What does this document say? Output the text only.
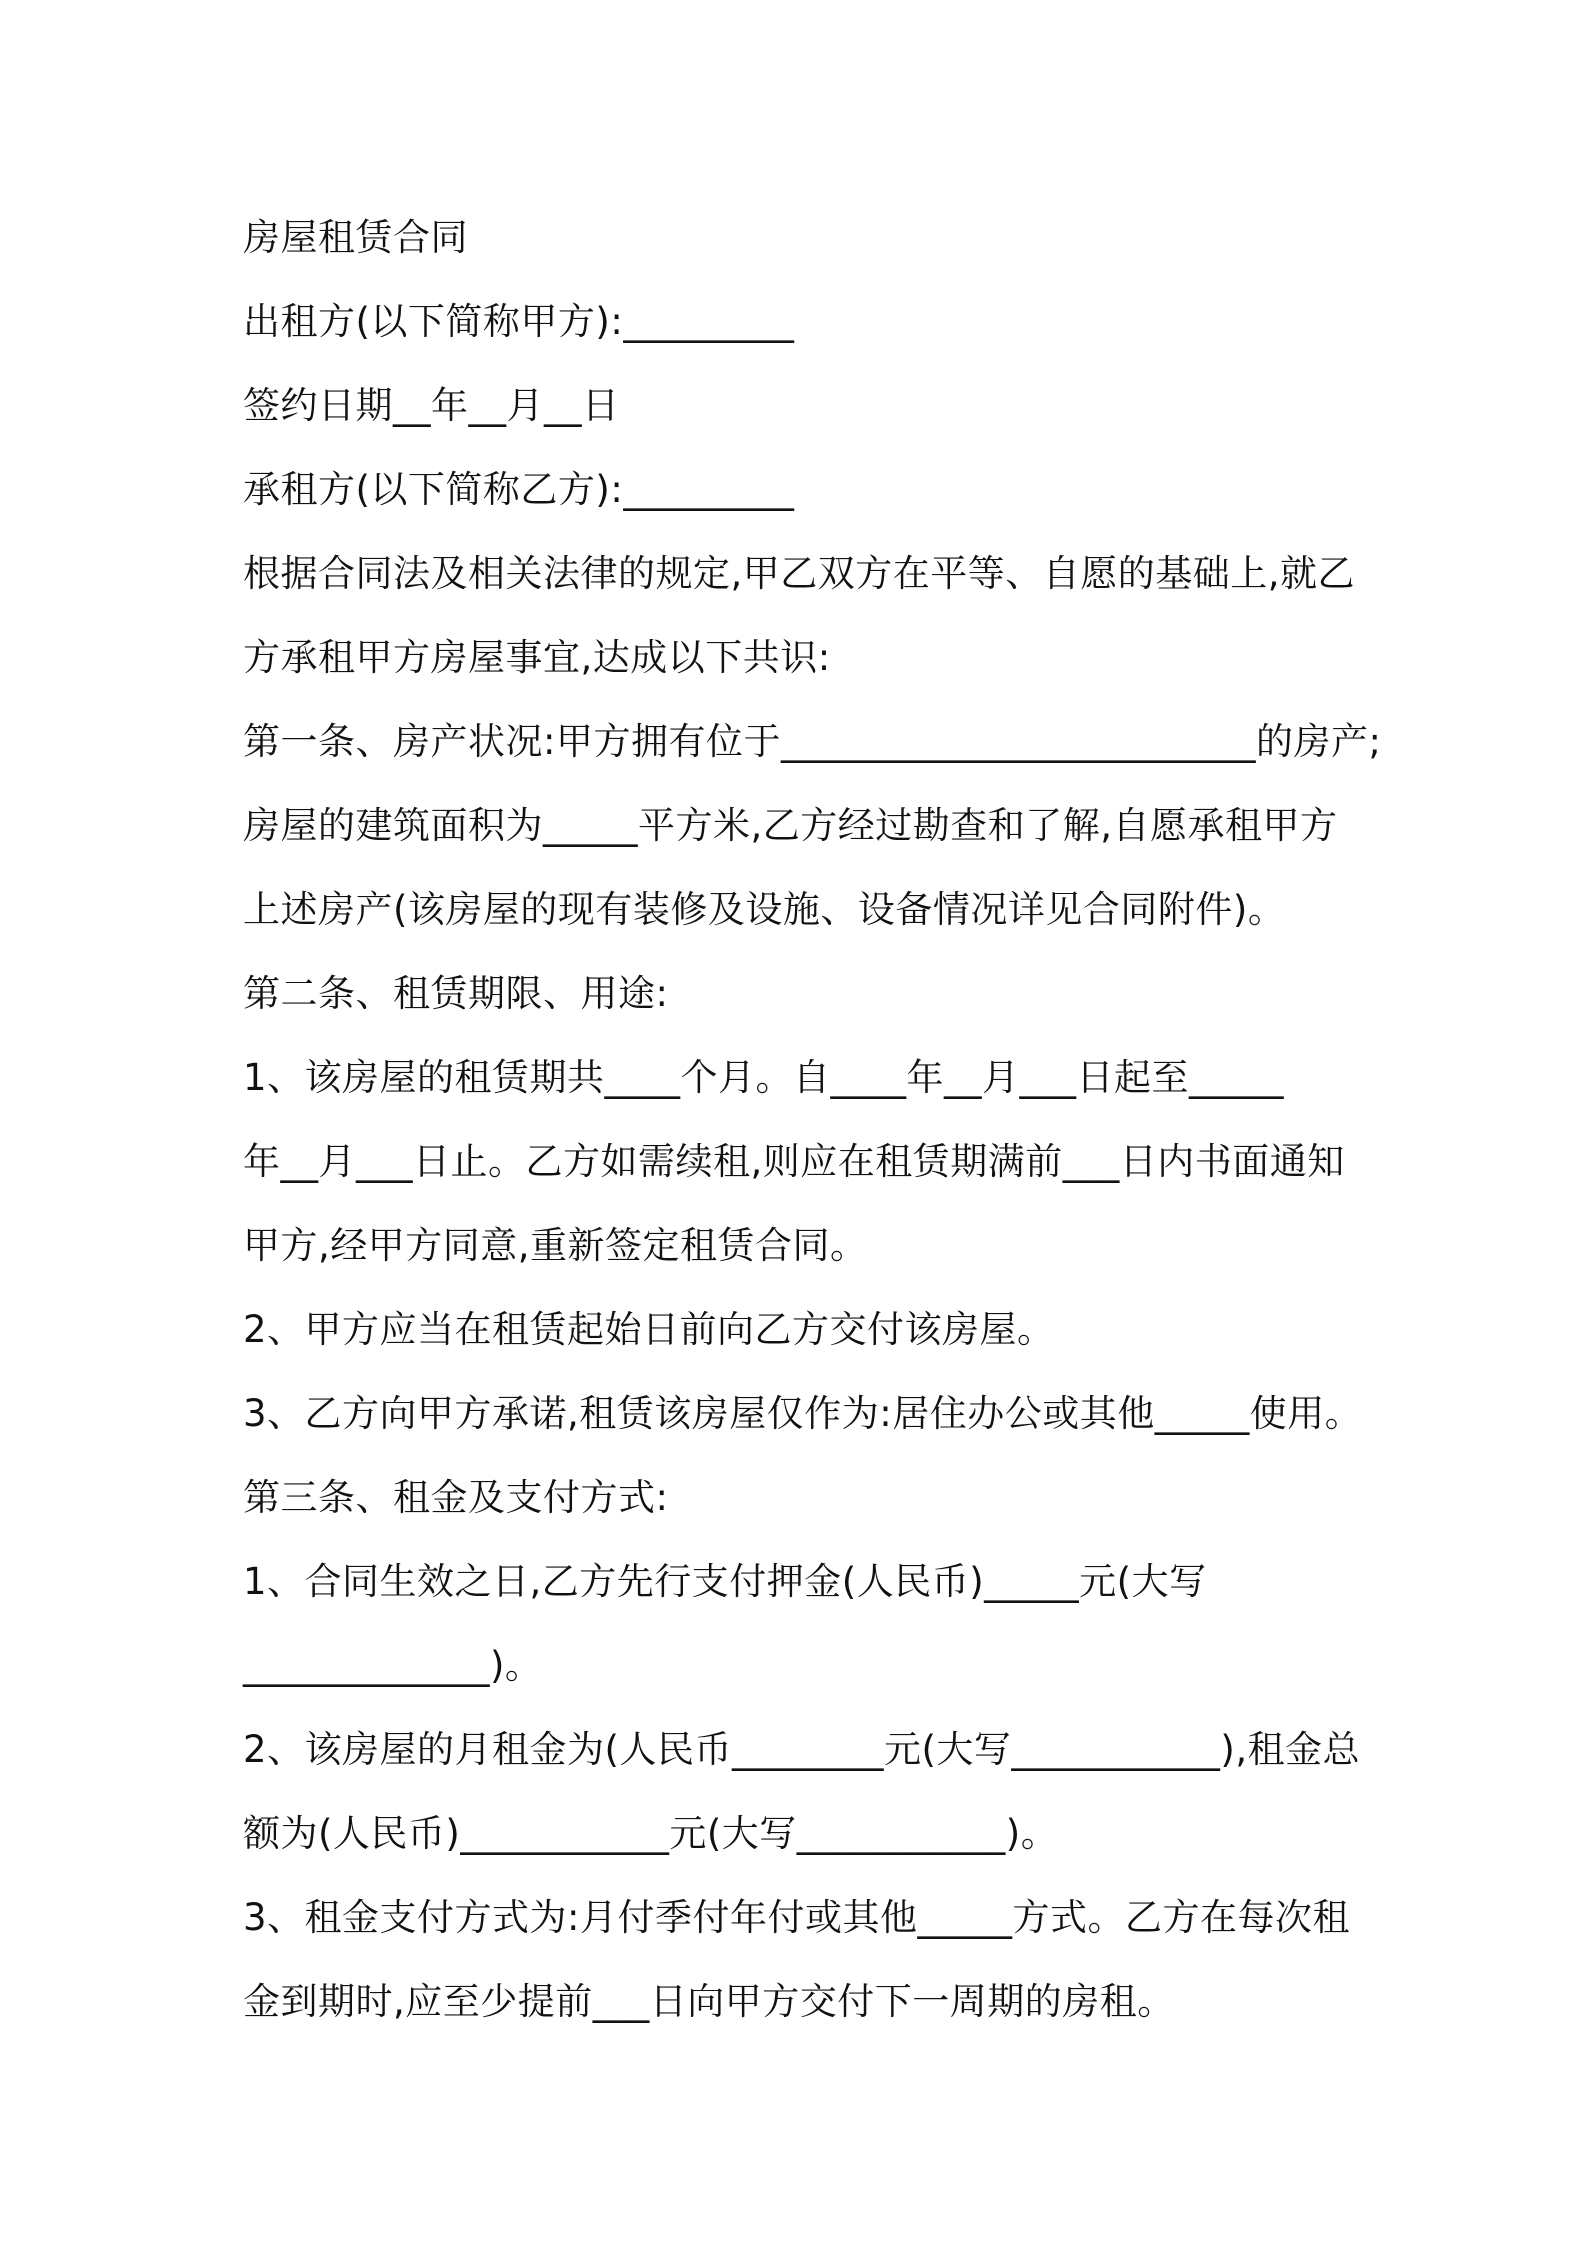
房屋租赁合同
出租方(以下简称甲方):_________
签约日期__年__月__日
承租方(以下简称乙方):_________
根据合同法及相关法律的规定,甲乙双方在平等、自愿的基础上,就乙
方承租甲方房屋事宜,达成以下共识:
第一条、房产状况:甲方拥有位于_________________________的房产;
房屋的建筑面积为_____平方米,乙方经过勘查和了解,自愿承租甲方
上述房产(该房屋的现有装修及设施、设备情况详见合同附件)。
第二条、租赁期限、用途:
1、该房屋的租赁期共____个月。自____年__月___日起至_____
年__月___日止。乙方如需续租,则应在租赁期满前___日内书面通知
甲方,经甲方同意,重新签定租赁合同。
2、甲方应当在租赁起始日前向乙方交付该房屋。
3、乙方向甲方承诺,租赁该房屋仅作为:居住办公或其他_____使用。
第三条、租金及支付方式:
1、合同生效之日,乙方先行支付押金(人民币)_____元(大写
_____________)。
2、该房屋的月租金为(人民币________元(大写___________),租金总
额为(人民币)___________元(大写___________)。
3、租金支付方式为:月付季付年付或其他_____方式。乙方在每次租
金到期时,应至少提前___日向甲方交付下一周期的房租。
